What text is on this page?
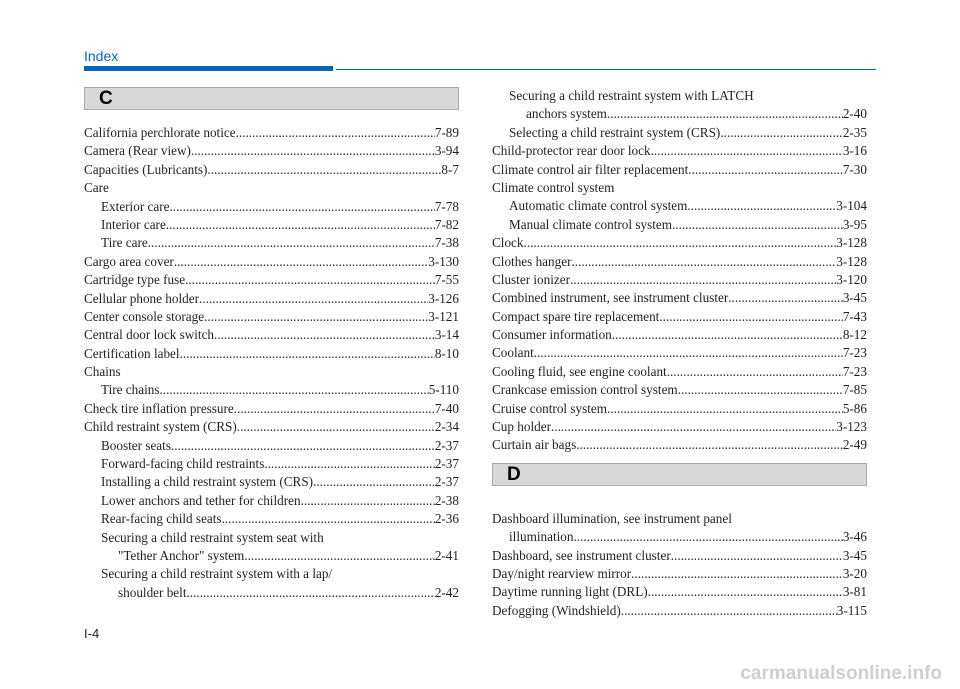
Index
C
California perchlorate notice .....	7-89
Camera (Rear view) .....	3-94
Capacities (Lubricants) .....	8-7
Care
Exterior care .....	7-78
Interior care .....	7-82
Tire care .....	7-38
Cargo area cover .....	3-130
Cartridge type fuse .....	7-55
Cellular phone holder .....	3-126
Center console storage .....	3-121
Central door lock switch .....	3-14
Certification label .....	8-10
Chains
Tire chains .....	5-110
Check tire inflation pressure .....	7-40
Child restraint system (CRS) .....	2-34
Booster seats .....	2-37
Forward-facing child restraints .....	2-37
Installing a child restraint system (CRS) .....	2-37
Lower anchors and tether for children .....	2-38
Rear-facing child seats .....	2-36
Securing a child restraint system seat with
"Tether Anchor" system .....	2-41
Securing a child restraint system with a lap/
shoulder belt .....	2-42
Securing a child restraint system with LATCH
anchors system .....	2-40
Selecting a child restraint system (CRS) .....	2-35
Child-protector rear door lock .....	3-16
Climate control air filter replacement .....	7-30
Climate control system
Automatic climate control system .....	3-104
Manual climate control system .....	3-95
Clock .....	3-128
Clothes hanger .....	3-128
Cluster ionizer .....	3-120
Combined instrument, see instrument cluster .....	3-45
Compact spare tire replacement .....	7-43
Consumer information .....	8-12
Coolant .....	7-23
Cooling fluid, see engine coolant .....	7-23
Crankcase emission control system .....	7-85
Cruise control system .....	5-86
Cup holder .....	3-123
Curtain air bags .....	2-49
D
Dashboard illumination, see instrument panel
illumination .....	3-46
Dashboard, see instrument cluster .....	3-45
Day/night rearview mirror .....	3-20
Daytime running light (DRL) .....	3-81
Defogging (Windshield) .....	3-115
I-4
carmanualsonline.info
